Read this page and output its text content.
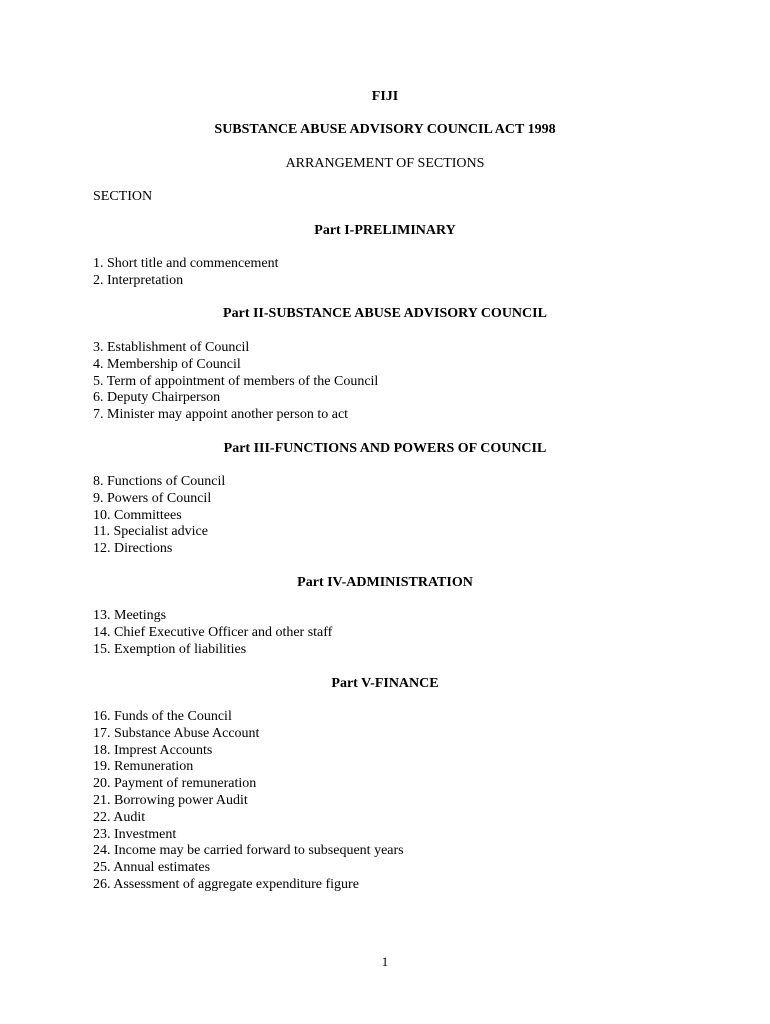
FIJI
SUBSTANCE ABUSE ADVISORY COUNCIL ACT 1998
ARRANGEMENT OF SECTIONS
SECTION
Part I-PRELIMINARY
1. Short title and commencement
2. Interpretation
Part II-SUBSTANCE ABUSE ADVISORY COUNCIL
3. Establishment of Council
4. Membership of Council
5. Term of appointment of members of the Council
6. Deputy Chairperson
7. Minister may appoint another person to act
Part III-FUNCTIONS AND POWERS OF COUNCIL
8. Functions of Council
9. Powers of Council
10. Committees
11. Specialist advice
12. Directions
Part IV-ADMINISTRATION
13. Meetings
14. Chief Executive Officer and other staff
15. Exemption of liabilities
Part V-FINANCE
16. Funds of the Council
17. Substance Abuse Account
18. Imprest Accounts
19. Remuneration
20. Payment of remuneration
21. Borrowing power Audit
22. Audit
23. Investment
24. Income may be carried forward to subsequent years
25. Annual estimates
26. Assessment of aggregate expenditure figure
1
